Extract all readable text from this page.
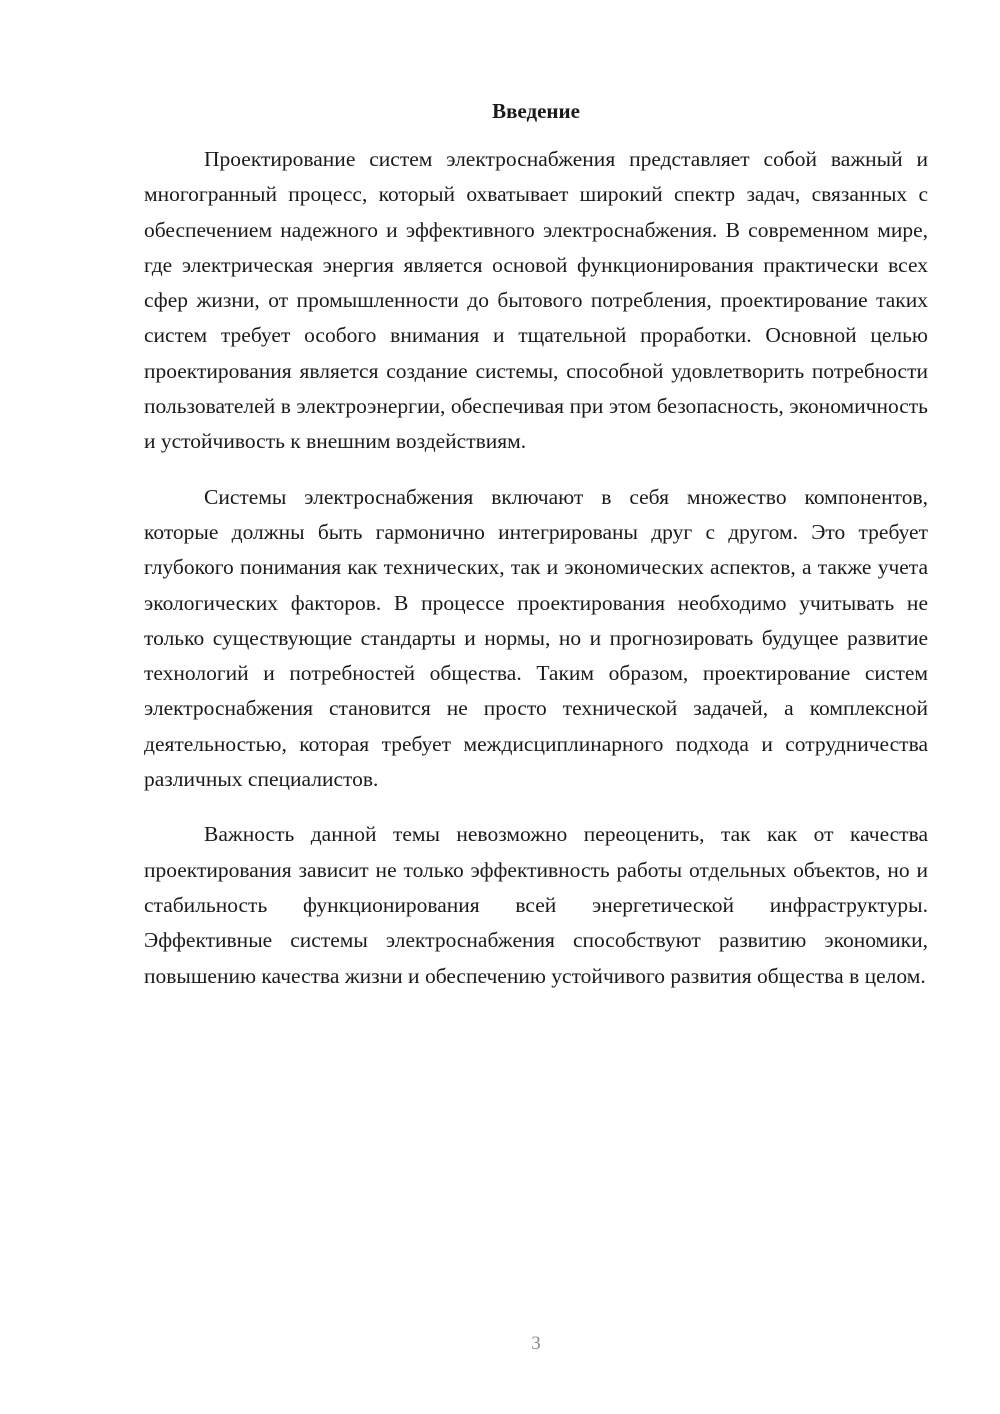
Введение

Проектирование систем электроснабжения представляет собой важный и многогранный процесс, который охватывает широкий спектр задач, связанных с обеспечением надежного и эффективного электроснабжения. В современном мире, где электрическая энергия является основой функционирования практически всех сфер жизни, от промышленности до бытового потребления, проектирование таких систем требует особого внимания и тщательной проработки. Основной целью проектирования является создание системы, способной удовлетворить потребности пользователей в электроэнергии, обеспечивая при этом безопасность, экономичность и устойчивость к внешним воздействиям.

Системы электроснабжения включают в себя множество компонентов, которые должны быть гармонично интегрированы друг с другом. Это требует глубокого понимания как технических, так и экономических аспектов, а также учета экологических факторов. В процессе проектирования необходимо учитывать не только существующие стандарты и нормы, но и прогнозировать будущее развитие технологий и потребностей общества. Таким образом, проектирование систем электроснабжения становится не просто технической задачей, а комплексной деятельностью, которая требует междисциплинарного подхода и сотрудничества различных специалистов.

Важность данной темы невозможно переоценить, так как от качества проектирования зависит не только эффективность работы отдельных объектов, но и стабильность функционирования всей энергетической инфраструктуры. Эффективные системы электроснабжения способствуют развитию экономики, повышению качества жизни и обеспечению устойчивого развития общества в целом.

3
